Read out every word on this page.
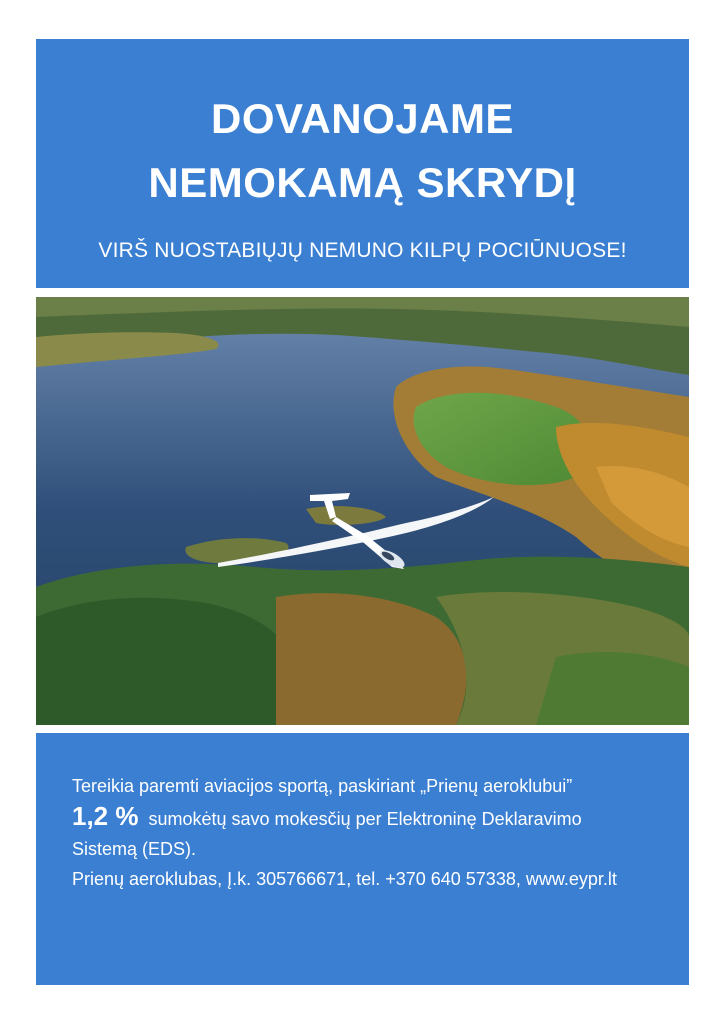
DOVANOJAME
NEMOKAMĄ SKRYDĮ
VIRŠ NUOSTABIŲJŲ NEMUNO KILPŲ POCIŪNUOSE!
Tereikia paremti aviacijos sportą, paskiriant „Prienų aeroklubui”
1,2 % sumokėtų savo mokesčių per Elektroninę Deklaravimo
Sistemą (EDS).
Prienų aeroklubas, Į.k. 305766671, tel. +370 640 57338, www.eypr.lt
